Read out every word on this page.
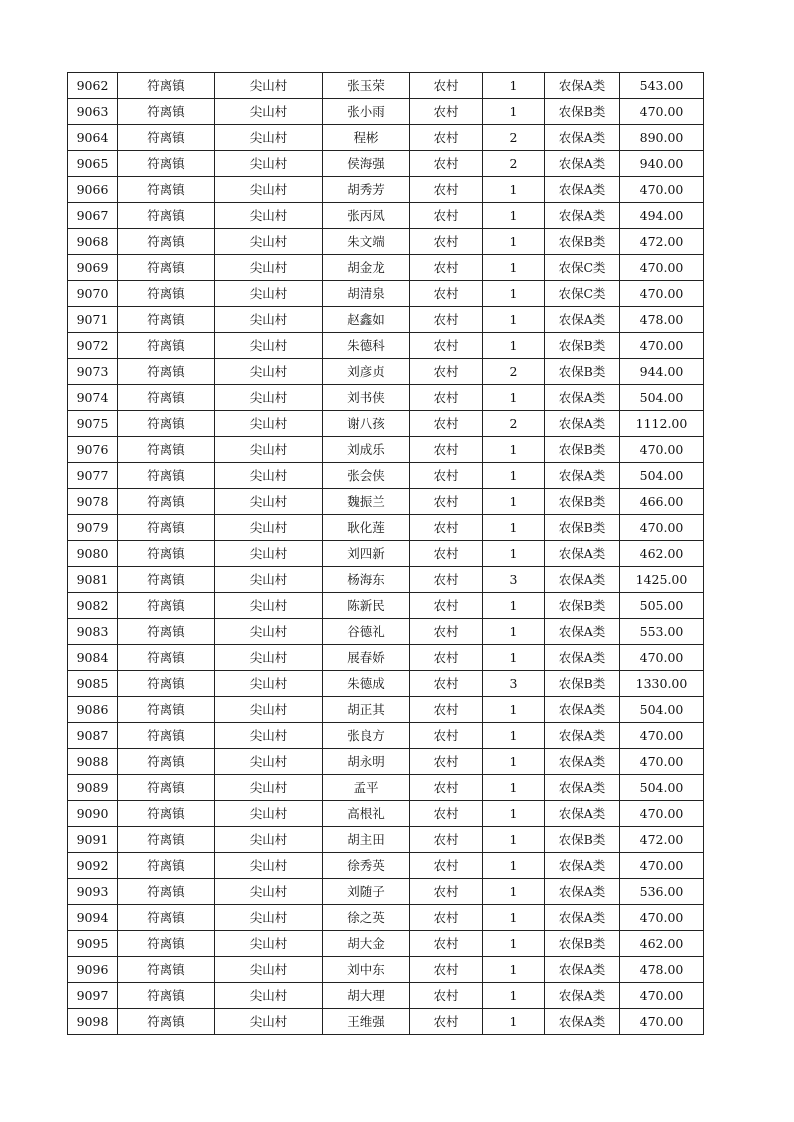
9062	符离镇	尖山村	张玉荣	农村	1	农保A类	543.00
9063	符离镇	尖山村	张小雨	农村	1	农保B类	470.00
9064	符离镇	尖山村	程彬	农村	2	农保A类	890.00
9065	符离镇	尖山村	侯海强	农村	2	农保A类	940.00
9066	符离镇	尖山村	胡秀芳	农村	1	农保A类	470.00
9067	符离镇	尖山村	张丙凤	农村	1	农保A类	494.00
9068	符离镇	尖山村	朱文端	农村	1	农保B类	472.00
9069	符离镇	尖山村	胡金龙	农村	1	农保C类	470.00
9070	符离镇	尖山村	胡清泉	农村	1	农保C类	470.00
9071	符离镇	尖山村	赵鑫如	农村	1	农保A类	478.00
9072	符离镇	尖山村	朱德科	农村	1	农保B类	470.00
9073	符离镇	尖山村	刘彦贞	农村	2	农保B类	944.00
9074	符离镇	尖山村	刘书侠	农村	1	农保A类	504.00
9075	符离镇	尖山村	谢八孩	农村	2	农保A类	1112.00
9076	符离镇	尖山村	刘成乐	农村	1	农保B类	470.00
9077	符离镇	尖山村	张会侠	农村	1	农保A类	504.00
9078	符离镇	尖山村	魏振兰	农村	1	农保B类	466.00
9079	符离镇	尖山村	耿化莲	农村	1	农保B类	470.00
9080	符离镇	尖山村	刘四新	农村	1	农保A类	462.00
9081	符离镇	尖山村	杨海东	农村	3	农保A类	1425.00
9082	符离镇	尖山村	陈新民	农村	1	农保B类	505.00
9083	符离镇	尖山村	谷德礼	农村	1	农保A类	553.00
9084	符离镇	尖山村	展春娇	农村	1	农保A类	470.00
9085	符离镇	尖山村	朱德成	农村	3	农保B类	1330.00
9086	符离镇	尖山村	胡正其	农村	1	农保A类	504.00
9087	符离镇	尖山村	张良方	农村	1	农保A类	470.00
9088	符离镇	尖山村	胡永明	农村	1	农保A类	470.00
9089	符离镇	尖山村	孟平	农村	1	农保A类	504.00
9090	符离镇	尖山村	高根礼	农村	1	农保A类	470.00
9091	符离镇	尖山村	胡主田	农村	1	农保B类	472.00
9092	符离镇	尖山村	徐秀英	农村	1	农保A类	470.00
9093	符离镇	尖山村	刘随子	农村	1	农保A类	536.00
9094	符离镇	尖山村	徐之英	农村	1	农保A类	470.00
9095	符离镇	尖山村	胡大金	农村	1	农保B类	462.00
9096	符离镇	尖山村	刘中东	农村	1	农保A类	478.00
9097	符离镇	尖山村	胡大理	农村	1	农保A类	470.00
9098	符离镇	尖山村	王维强	农村	1	农保A类	470.00
